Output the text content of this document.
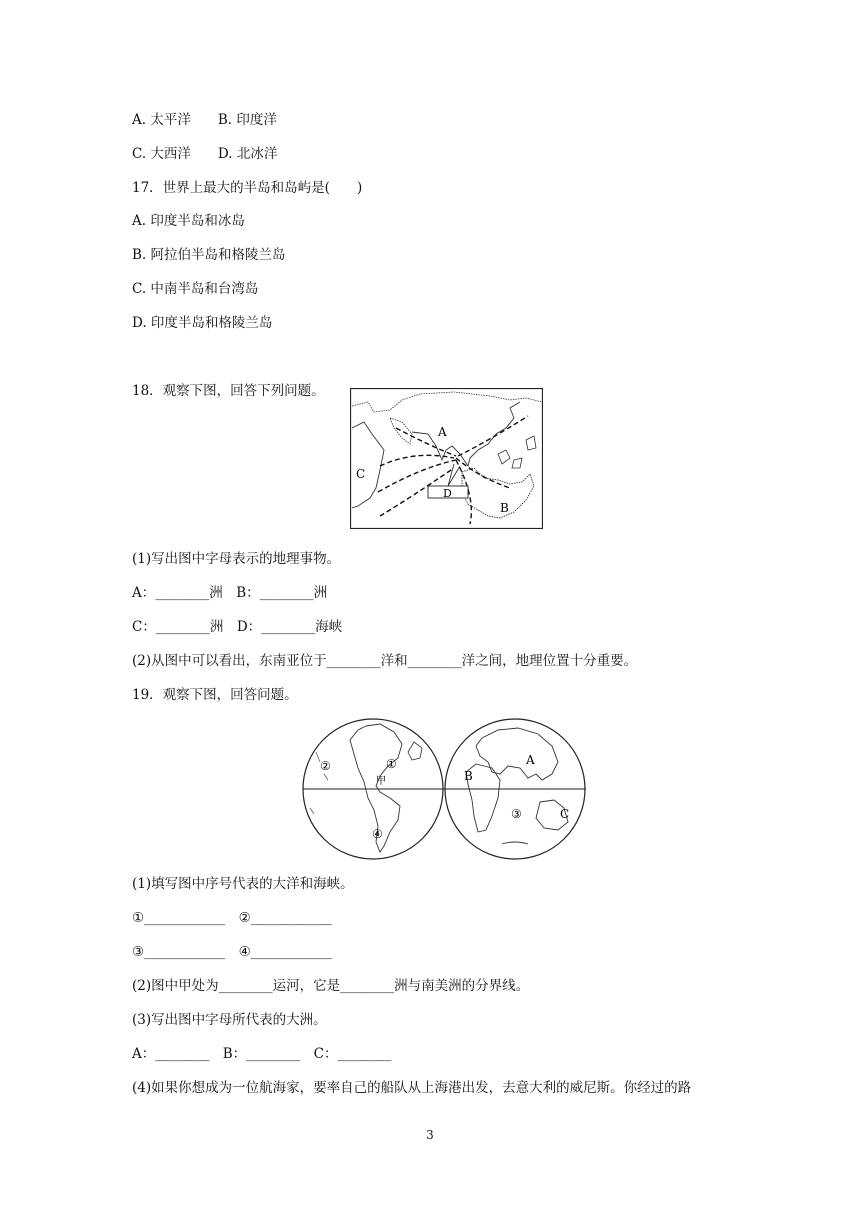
A. 太平洋　　B. 印度洋
C. 大西洋　　D. 北冰洋
17．世界上最大的半岛和岛屿是(　　)
A. 印度半岛和冰岛
B. 阿拉伯半岛和格陵兰岛
C. 中南半岛和台湾岛
D. 印度半岛和格陵兰岛
18．观察下图，回答下列问题。
A
B
C
D
(1)写出图中字母表示的地理事物。
A：________洲　B：________洲
C：________洲　D：________海峡
(2)从图中可以看出，东南亚位于________洋和________洋之间，地理位置十分重要。
19．观察下图，回答问题。
②	①
③
④
甲
A
B
C
(1)填写图中序号代表的大洋和海峡。
①____________　②____________
③____________　④____________
(2)图中甲处为________运河，它是________洲与南美洲的分界线。
(3)写出图中字母所代表的大洲。
A：________　B：________　C：________
(4)如果你想成为一位航海家，要率自己的船队从上海港出发，去意大利的威尼斯。你经过的路
3
